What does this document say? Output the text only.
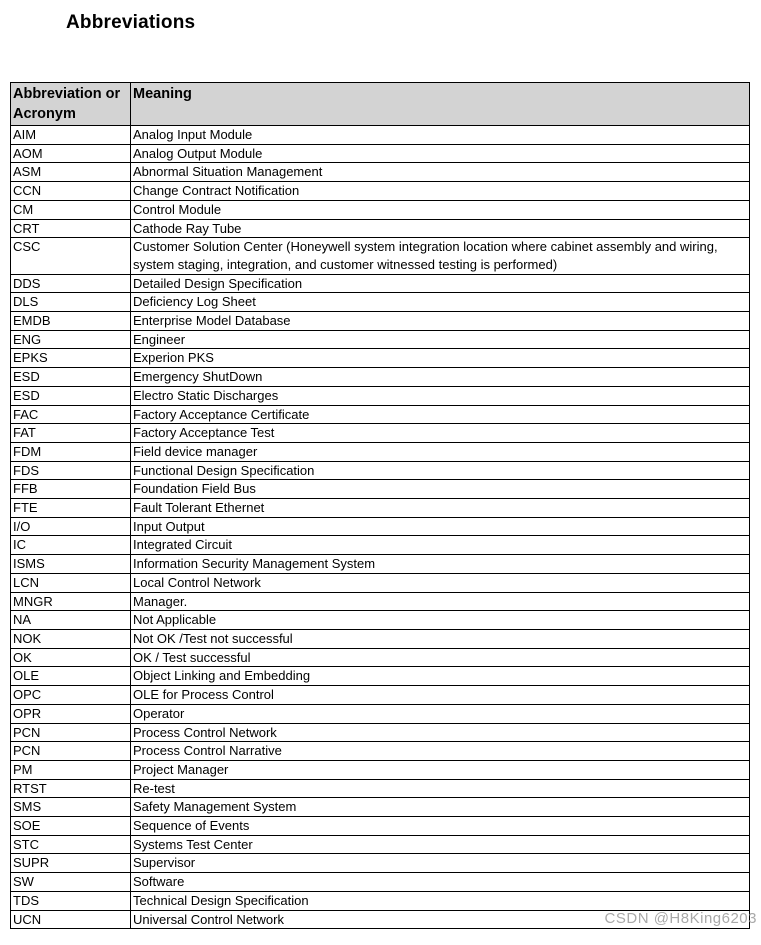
Abbreviations
Abbreviation or Acronym	Meaning
AIM	Analog Input Module
AOM	Analog Output Module
ASM	Abnormal Situation Management
CCN	Change Contract Notification
CM	Control Module
CRT	Cathode Ray Tube
CSC	Customer Solution Center (Honeywell system integration location where cabinet assembly and wiring, system staging, integration, and customer witnessed testing is performed)
DDS	Detailed Design Specification
DLS	Deficiency Log Sheet
EMDB	Enterprise Model Database
ENG	Engineer
EPKS	Experion PKS
ESD	Emergency ShutDown
ESD	Electro Static Discharges
FAC	Factory Acceptance Certificate
FAT	Factory Acceptance Test
FDM	Field device manager
FDS	Functional Design Specification
FFB	Foundation Field Bus
FTE	Fault Tolerant Ethernet
I/O	Input Output
IC	Integrated Circuit
ISMS	Information Security Management System
LCN	Local Control Network
MNGR	Manager.
NA	Not Applicable
NOK	Not OK /Test not successful
OK	OK / Test successful
OLE	Object Linking and Embedding
OPC	OLE for Process Control
OPR	Operator
PCN	Process Control Network
PCN	Process Control Narrative
PM	Project Manager
RTST	Re-test
SMS	Safety Management System
SOE	Sequence of Events
STC	Systems Test Center
SUPR	Supervisor
SW	Software
TDS	Technical Design Specification
UCN	Universal Control Network	CSDN @H8King6203
